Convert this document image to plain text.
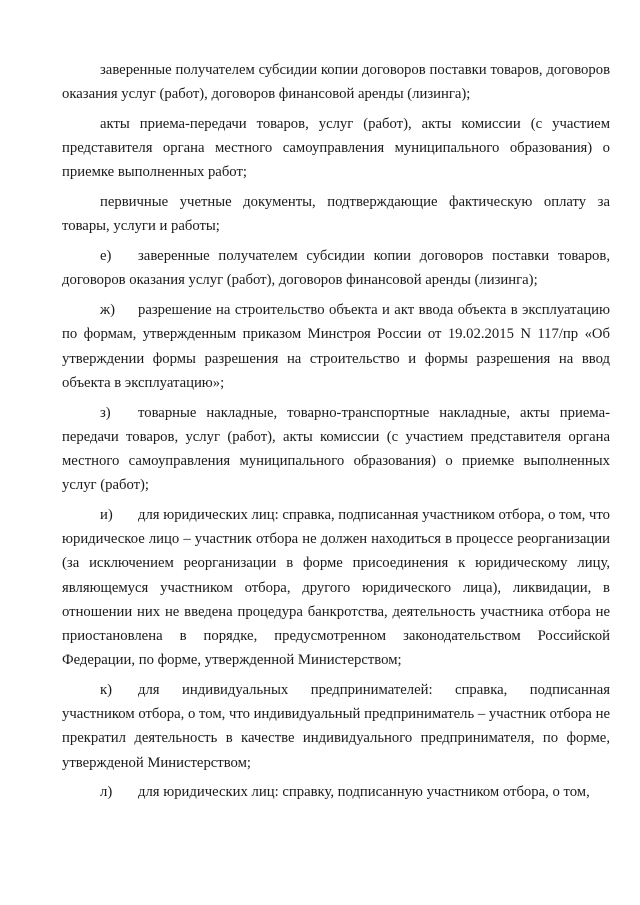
заверенные получателем субсидии копии договоров поставки товаров, договоров оказания услуг (работ), договоров финансовой аренды (лизинга);

акты приема-передачи товаров, услуг (работ), акты комиссии (с участием представителя органа местного самоуправления муниципального образования) о приемке выполненных работ;

первичные учетные документы, подтверждающие фактическую оплату за товары, услуги и работы;

е) заверенные получателем субсидии копии договоров поставки товаров, договоров оказания услуг (работ), договоров финансовой аренды (лизинга);

ж) разрешение на строительство объекта и акт ввода объекта в эксплуатацию по формам, утвержденным приказом Минстроя России от 19.02.2015 N 117/пр «Об утверждении формы разрешения на строительство и формы разрешения на ввод объекта в эксплуатацию»;

з) товарные накладные, товарно-транспортные накладные, акты приема-передачи товаров, услуг (работ), акты комиссии (с участием представителя органа местного самоуправления муниципального образования) о приемке выполненных услуг (работ);

и) для юридических лиц: справка, подписанная участником отбора, о том, что юридическое лицо – участник отбора не должен находиться в процессе реорганизации (за исключением реорганизации в форме присоединения к юридическому лицу, являющемуся участником отбора, другого юридического лица), ликвидации, в отношении них не введена процедура банкротства, деятельность участника отбора не приостановлена в порядке, предусмотренном законодательством Российской Федерации, по форме, утвержденной Министерством;

к) для индивидуальных предпринимателей: справка, подписанная участником отбора, о том, что индивидуальный предприниматель – участник отбора не прекратил деятельность в качестве индивидуального предпринимателя, по форме, утвержденой Министерством;

л) для юридических лиц: справку, подписанную участником отбора, о том,
